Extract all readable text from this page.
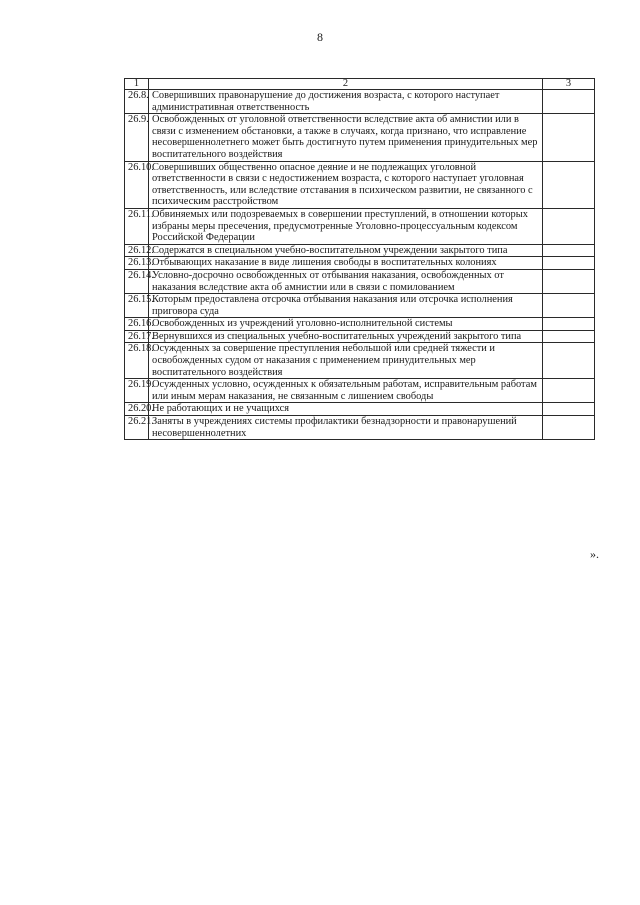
8
1	2	3
26.8.	Совершивших правонарушение до достижения возраста, с которого наступает административная ответственность	
26.9.	Освобожденных от уголовной ответственности вследствие акта об амнистии или в связи с изменением обстановки, а также в случаях, когда признано, что исправление несовершеннолетнего может быть достигнуто путем применения принудительных мер воспитательного воздействия	
26.10.	Совершивших общественно опасное деяние и не подлежащих уголовной ответственности в связи с недостижением возраста, с которого наступает уголовная ответственность, или вследствие отставания в психическом развитии, не связанного с психическим расстройством	
26.11.	Обвиняемых или подозреваемых в совершении преступлений, в отношении которых избраны меры пресечения, предусмотренные Уголовно-процессуальным кодексом Российской Федерации	
26.12.	Содержатся в специальном учебно-воспитательном учреждении закрытого типа	
26.13.	Отбывающих наказание в виде лишения свободы в воспитательных колониях	
26.14.	Условно-досрочно освобожденных от отбывания наказания, освобожденных от наказания вследствие акта об амнистии или в связи с помилованием	
26.15.	Которым предоставлена отсрочка отбывания наказания или отсрочка исполнения приговора суда	
26.16.	Освобожденных из учреждений уголовно-исполнительной системы	
26.17.	Вернувшихся из специальных учебно-воспитательных учреждений закрытого типа	
26.18.	Осужденных за совершение преступления небольшой или средней тяжести и освобожденных судом от наказания с применением принудительных мер воспитательного воздействия	
26.19.	Осужденных условно, осужденных к обязательным работам, исправительным работам или иным мерам наказания, не связанным с лишением свободы	
26.20.	Не работающих и не учащихся	
26.21.	Заняты в учреждениях системы профилактики безнадзорности и правонарушений несовершеннолетних	
».
